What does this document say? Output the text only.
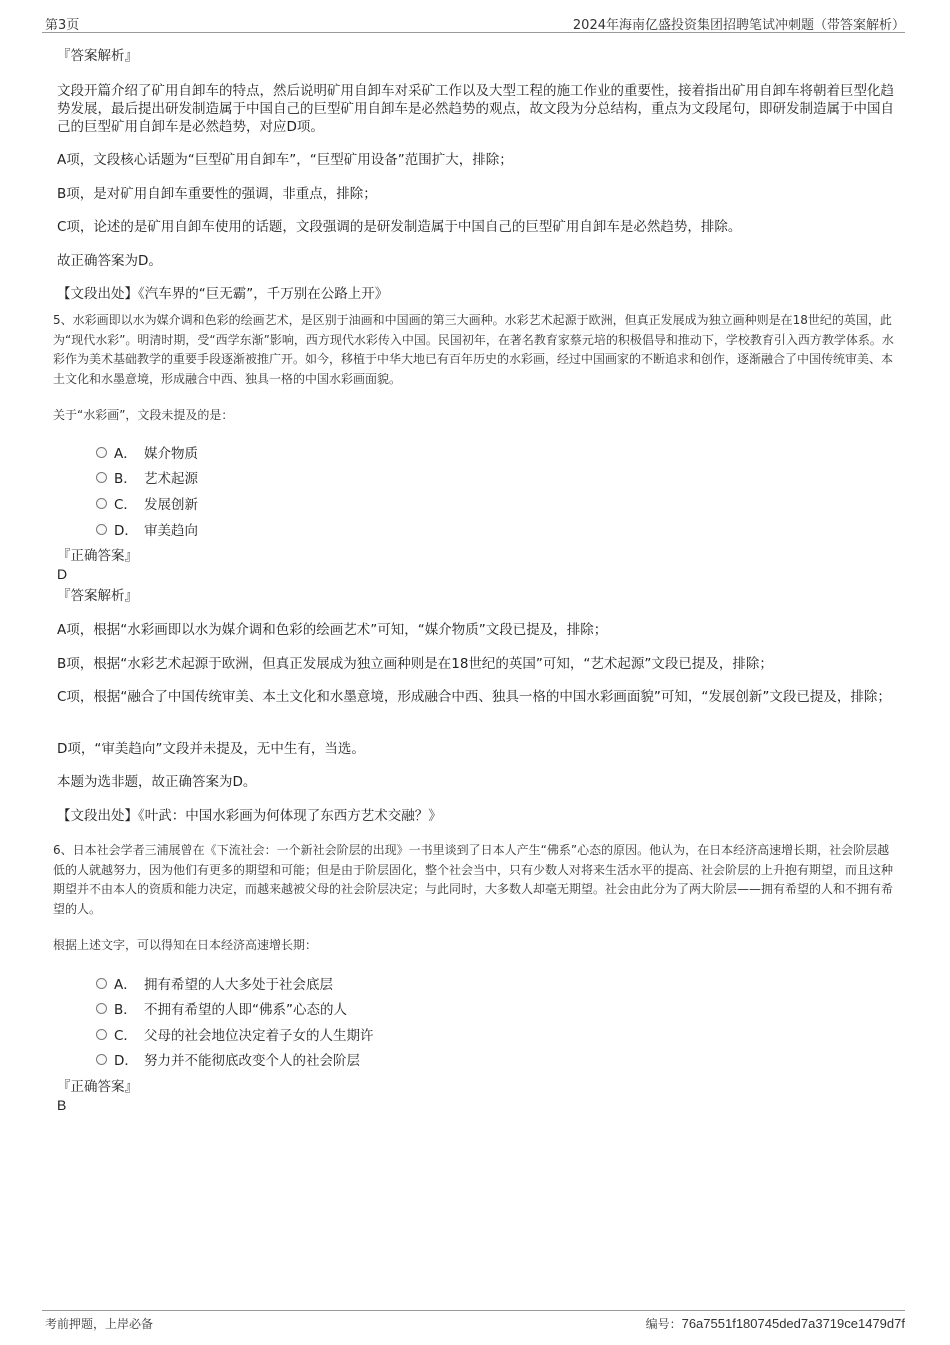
第3页	2024年海南亿盛投资集团招聘笔试冲刺题（带答案解析）
『答案解析』
文段开篇介绍了矿用自卸车的特点，然后说明矿用自卸车对采矿工作以及大型工程的施工作业的重要性，接着指出矿用自卸车将朝着巨型化趋势发展，最后提出研发制造属于中国自己的巨型矿用自卸车是必然趋势的观点，故文段为分总结构，重点为文段尾句，即研发制造属于中国自己的巨型矿用自卸车是必然趋势，对应D项。
A项，文段核心话题为“巨型矿用自卸车”，“巨型矿用设备”范围扩大，排除；
B项，是对矿用自卸车重要性的强调，非重点，排除；
C项，论述的是矿用自卸车使用的话题，文段强调的是研发制造属于中国自己的巨型矿用自卸车是必然趋势，排除。
故正确答案为D。
【文段出处】《汽车界的“巨无霸”，千万别在公路上开》
5、水彩画即以水为媒介调和色彩的绘画艺术，是区别于油画和中国画的第三大画种。水彩艺术起源于欧洲，但真正发展成为独立画种则是在18世纪的英国，此为“现代水彩”。明清时期，受“西学东渐”影响，西方现代水彩传入中国。民国初年，在著名教育家蔡元培的积极倡导和推动下，学校教育引入西方教学体系。水彩作为美术基础教学的重要手段逐渐被推广开。如今，移植于中华大地已有百年历史的水彩画，经过中国画家的不断追求和创作，逐渐融合了中国传统审美、本土文化和水墨意境，形成融合中西、独具一格的中国水彩画面貌。
关于“水彩画”，文段未提及的是：
A． 媒介物质
B． 艺术起源
C． 发展创新
D． 审美趋向
『正确答案』
D
『答案解析』
A项，根据“水彩画即以水为媒介调和色彩的绘画艺术”可知，“媒介物质”文段已提及，排除；
B项，根据“水彩艺术起源于欧洲，但真正发展成为独立画种则是在18世纪的英国”可知，“艺术起源”文段已提及，排除；
C项，根据“融合了中国传统审美、本土文化和水墨意境，形成融合中西、独具一格的中国水彩画面貌”可知，“发展创新”文段已提及，排除；
D项，“审美趋向”文段并未提及，无中生有，当选。
本题为选非题，故正确答案为D。
【文段出处】《叶武：中国水彩画为何体现了东西方艺术交融？》
6、日本社会学者三浦展曾在《下流社会：一个新社会阶层的出现》一书里谈到了日本人产生“佛系”心态的原因。他认为，在日本经济高速增长期，社会阶层越低的人就越努力，因为他们有更多的期望和可能；但是由于阶层固化，整个社会当中，只有少数人对将来生活水平的提高、社会阶层的上升抱有期望，而且这种期望并不由本人的资质和能力决定，而越来越被父母的社会阶层决定；与此同时，大多数人却毫无期望。社会由此分为了两大阶层——拥有希望的人和不拥有希望的人。
根据上述文字，可以得知在日本经济高速增长期：
A． 拥有希望的人大多处于社会底层
B． 不拥有希望的人即“佛系”心态的人
C． 父母的社会地位决定着子女的人生期许
D． 努力并不能彻底改变个人的社会阶层
『正确答案』
B
考前押题，上岸必备	编号：76a7551f180745ded7a3719ce1479d7f
